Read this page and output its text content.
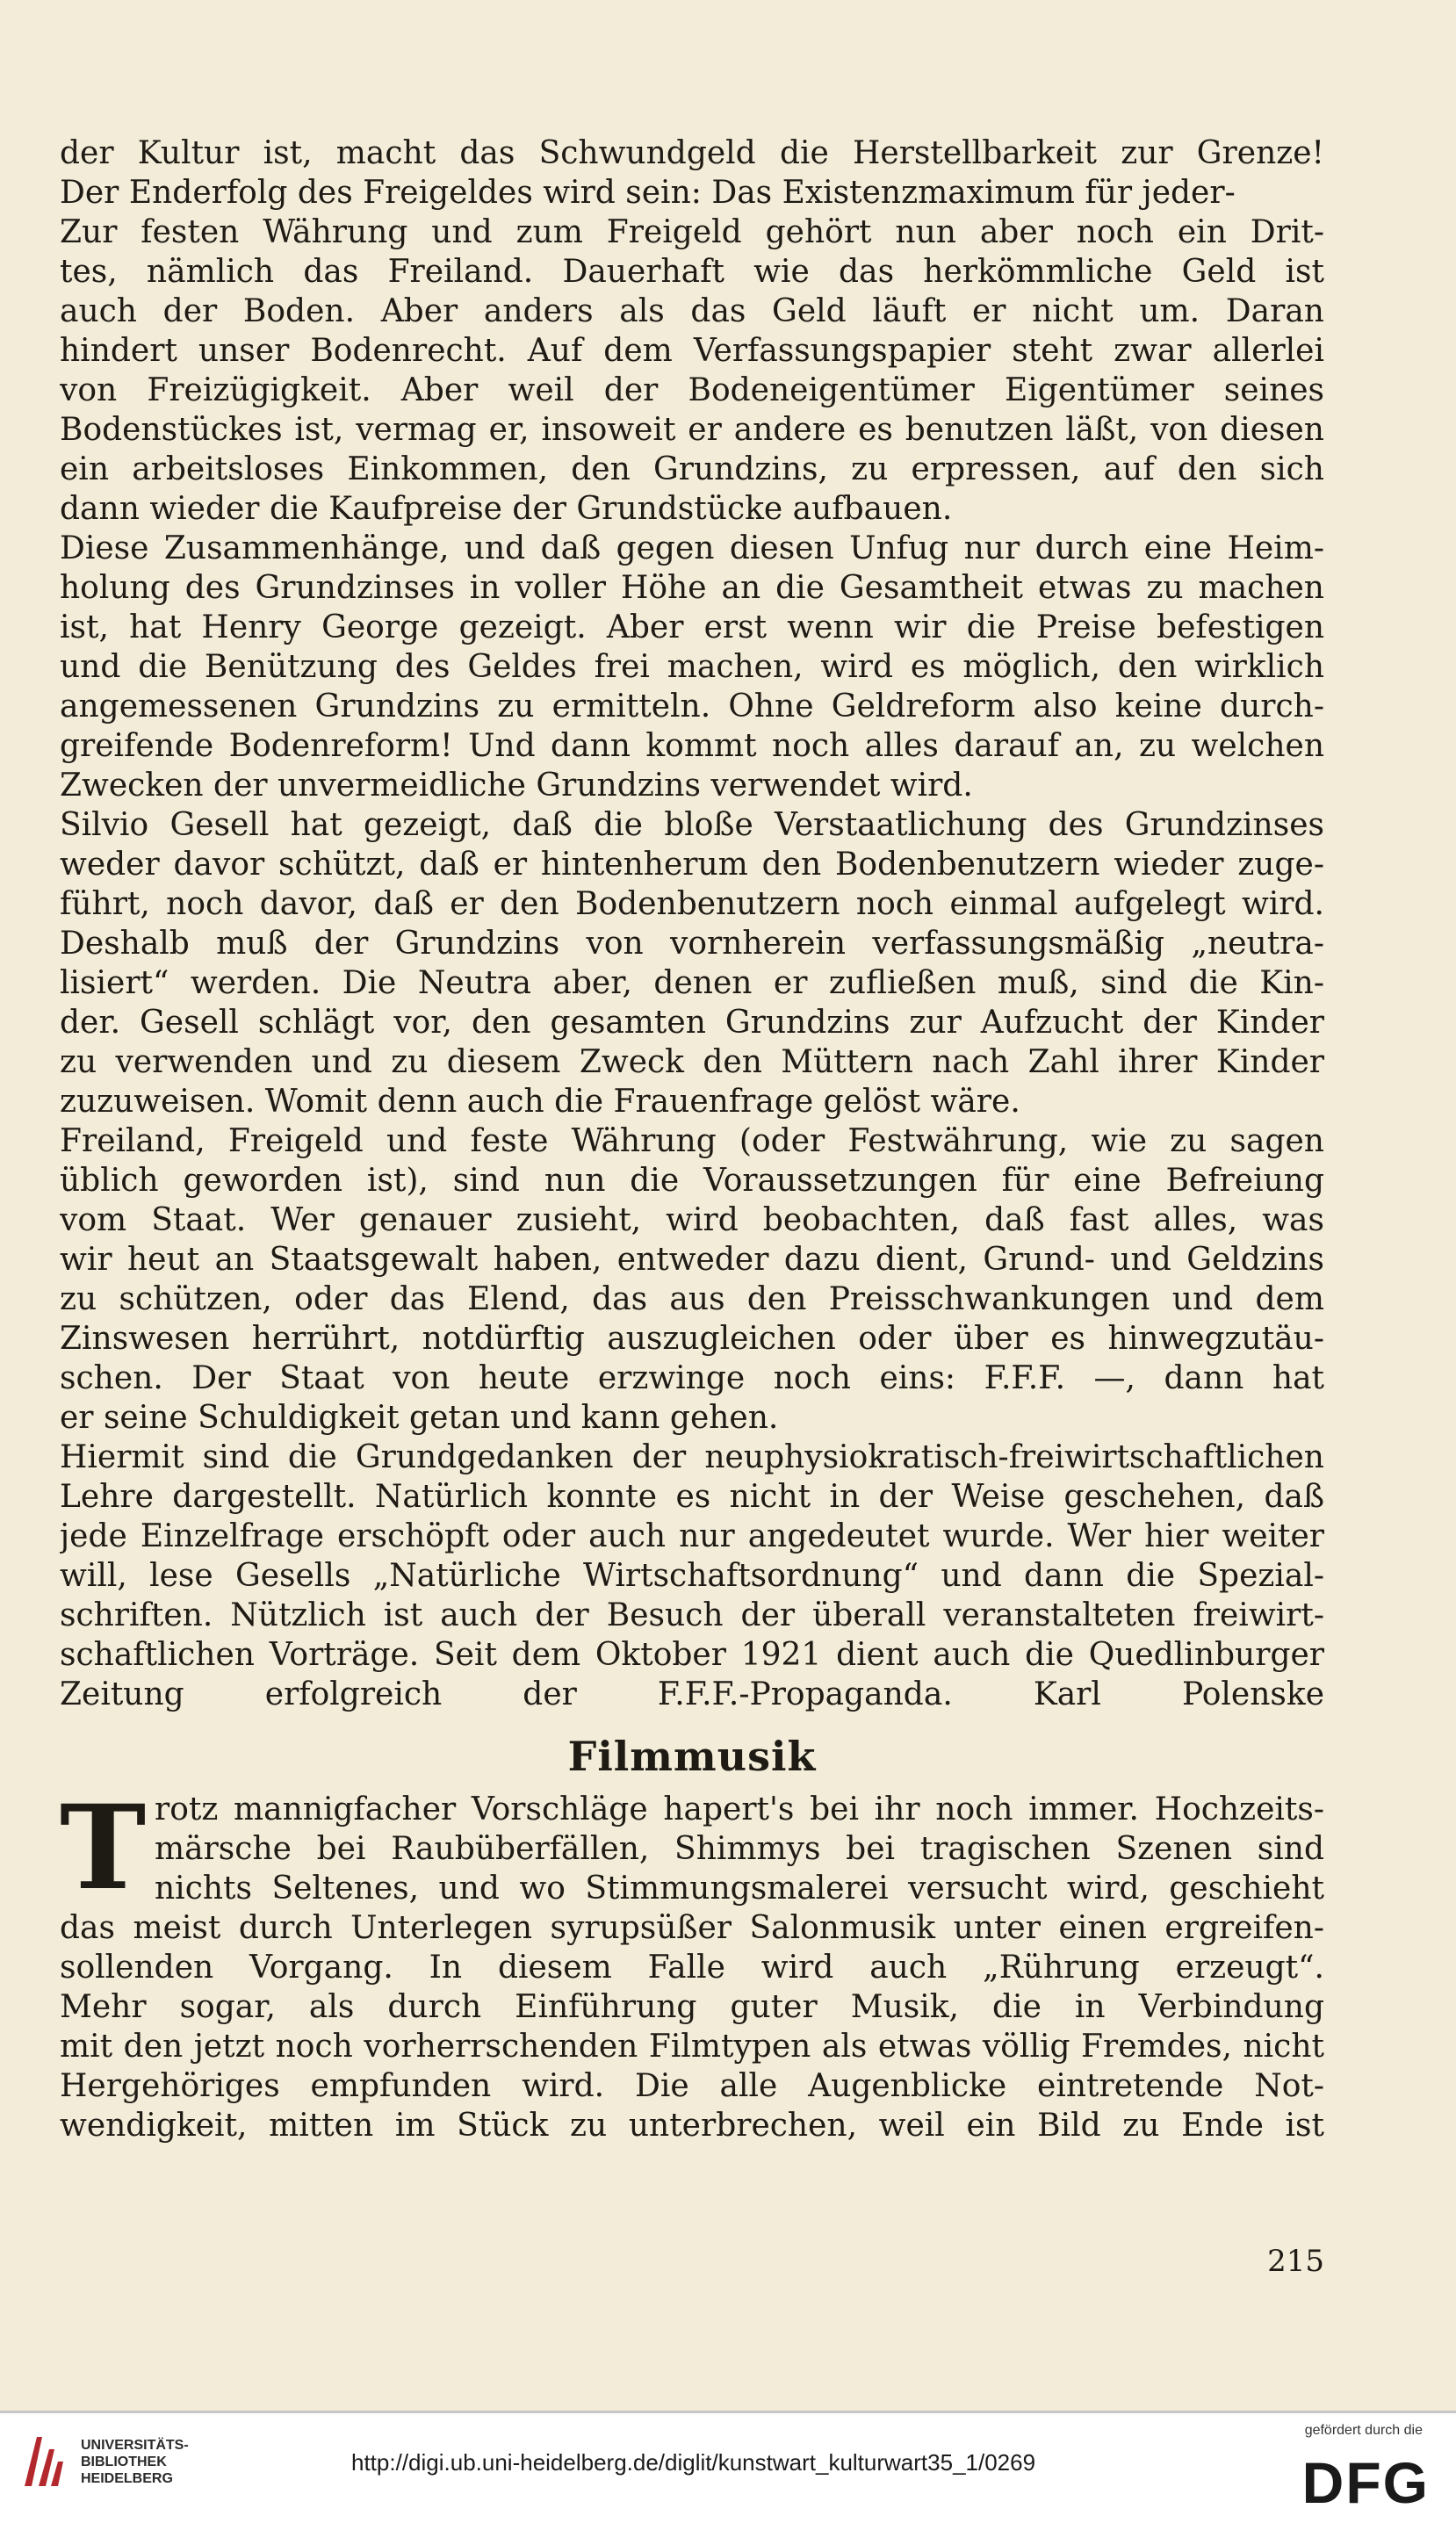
der Kultur ist, macht das Schwundgeld die Herstellbarkeit zur Grenze!
Der Enderfolg des Freigeldes wird sein: Das Existenzmaximum für jeder-
Zur festen Währung und zum Freigeld gehört nun aber noch ein Drit-
tes, nämlich das Freiland. Dauerhaft wie das herkömmliche Geld ist
auch der Boden. Aber anders als das Geld läuft er nicht um. Daran
hindert unser Bodenrecht. Auf dem Verfassungspapier steht zwar allerlei
von Freizügigkeit. Aber weil der Bodeneigentümer Eigentümer seines
Bodenstückes ist, vermag er, insoweit er andere es benutzen läßt, von diesen
ein arbeitsloses Einkommen, den Grundzins, zu erpressen, auf den sich
dann wieder die Kaufpreise der Grundstücke aufbauen.
Diese Zusammenhänge, und daß gegen diesen Unfug nur durch eine Heim-
holung des Grundzinses in voller Höhe an die Gesamtheit etwas zu machen
ist, hat Henry George gezeigt. Aber erst wenn wir die Preise befestigen
und die Benützung des Geldes frei machen, wird es möglich, den wirklich
angemessenen Grundzins zu ermitteln. Ohne Geldreform also keine durch-
greifende Bodenreform! Und dann kommt noch alles darauf an, zu welchen
Zwecken der unvermeidliche Grundzins verwendet wird.
Silvio Gesell hat gezeigt, daß die bloße Verstaatlichung des Grundzinses
weder davor schützt, daß er hintenherum den Bodenbenutzern wieder zuge-
führt, noch davor, daß er den Bodenbenutzern noch einmal aufgelegt wird.
Deshalb muß der Grundzins von vornherein verfassungsmäßig „neutra-
lisiert“ werden. Die Neutra aber, denen er zufließen muß, sind die Kin-
der. Gesell schlägt vor, den gesamten Grundzins zur Aufzucht der Kinder
zu verwenden und zu diesem Zweck den Müttern nach Zahl ihrer Kinder
zuzuweisen. Womit denn auch die Frauenfrage gelöst wäre.
Freiland, Freigeld und feste Währung (oder Festwährung, wie zu sagen
üblich geworden ist), sind nun die Voraussetzungen für eine Befreiung
vom Staat. Wer genauer zusieht, wird beobachten, daß fast alles, was
wir heut an Staatsgewalt haben, entweder dazu dient, Grund- und Geldzins
zu schützen, oder das Elend, das aus den Preisschwankungen und dem
Zinswesen herrührt, notdürftig auszugleichen oder über es hinwegzutäu-
schen. Der Staat von heute erzwinge noch eins: F.F.F. —, dann hat
er seine Schuldigkeit getan und kann gehen.
Hiermit sind die Grundgedanken der neuphysiokratisch-freiwirtschaftlichen
Lehre dargestellt. Natürlich konnte es nicht in der Weise geschehen, daß
jede Einzelfrage erschöpft oder auch nur angedeutet wurde. Wer hier weiter
will, lese Gesells „Natürliche Wirtschaftsordnung“ und dann die Spezial-
schriften. Nützlich ist auch der Besuch der überall veranstalteten freiwirt-
schaftlichen Vorträge. Seit dem Oktober 1921 dient auch die Quedlinburger
Zeitung erfolgreich der F.F.F.-Propaganda. Karl Polenske
Filmmusik
T rotz mannigfacher Vorschläge hapert's bei ihr noch immer. Hochzeits-
märsche bei Raubüberfällen, Shimmys bei tragischen Szenen sind
nichts Seltenes, und wo Stimmungsmalerei versucht wird, geschieht
das meist durch Unterlegen syrupsüßer Salonmusik unter einen ergreifen-
sollenden Vorgang. In diesem Falle wird auch „Rührung erzeugt“.
Mehr sogar, als durch Einführung guter Musik, die in Verbindung
mit den jetzt noch vorherrschenden Filmtypen als etwas völlig Fremdes, nicht
Hergehöriges empfunden wird. Die alle Augenblicke eintretende Not-
wendigkeit, mitten im Stück zu unterbrechen, weil ein Bild zu Ende ist
215
UNIVERSITÄTS-
BIBLIOTHEK
HEIDELBERG
http://digi.ub.uni-heidelberg.de/diglit/kunstwart_kulturwart35_1/0269
gefördert durch die
DFG
